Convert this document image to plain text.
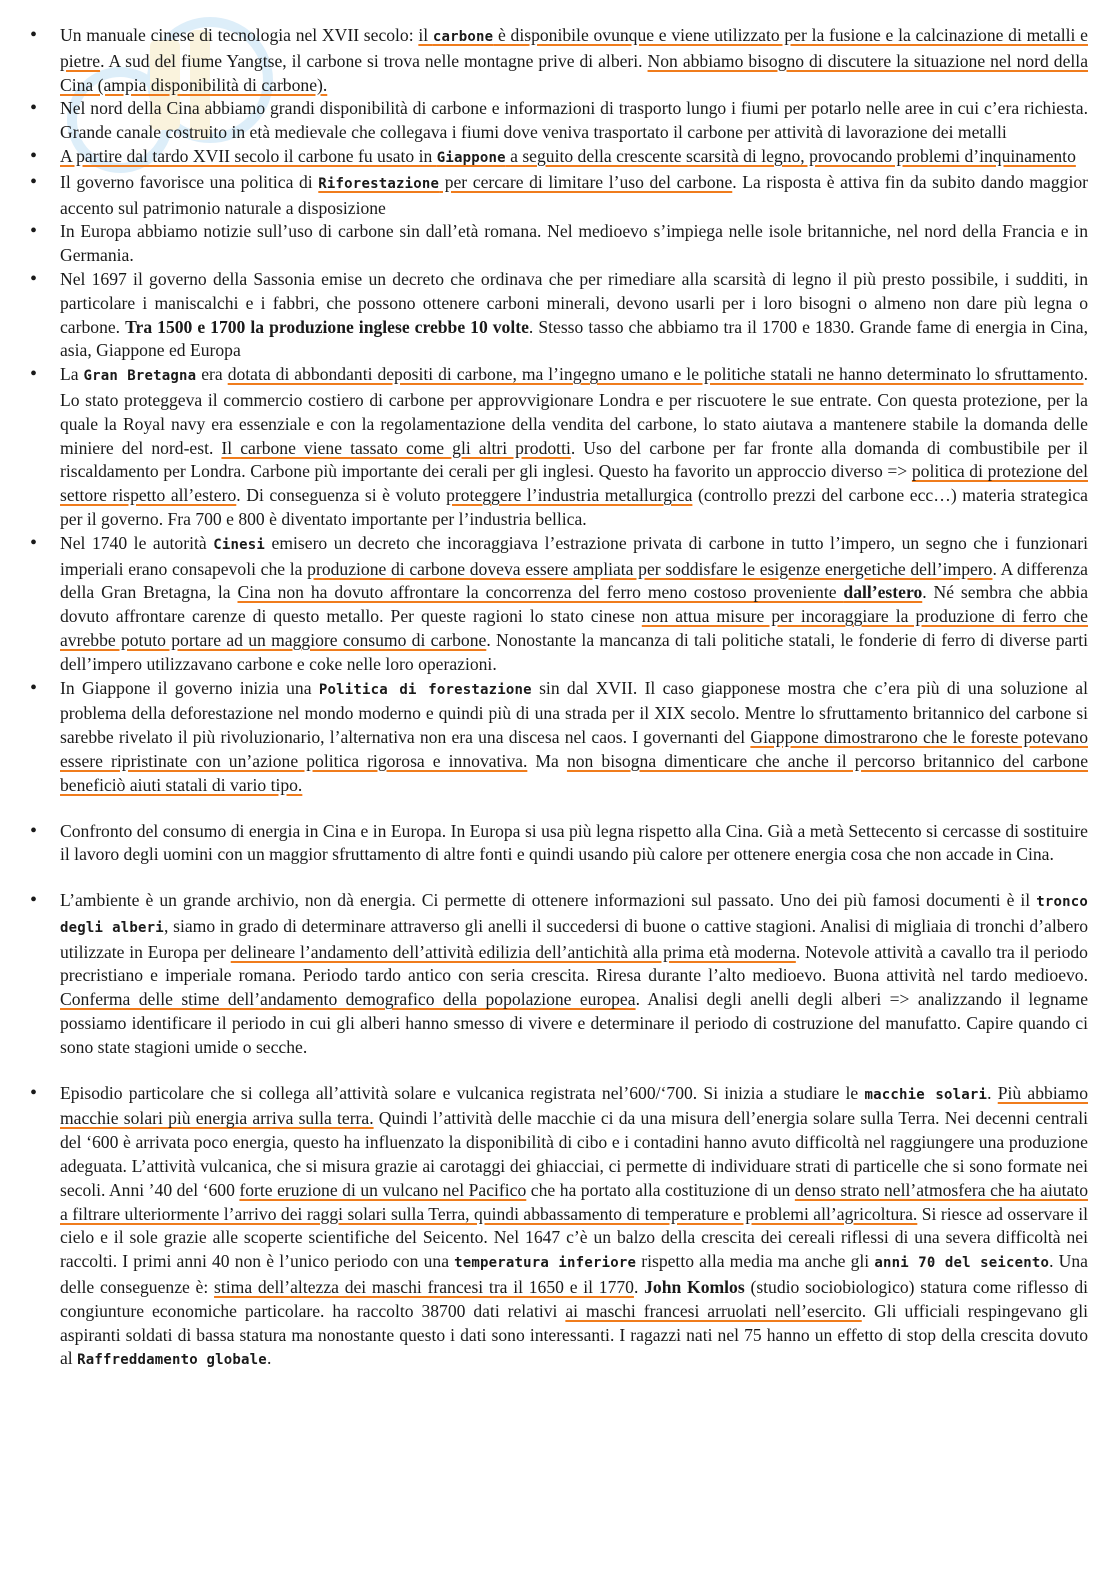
• Un manuale cinese di tecnologia nel XVII secolo: il carbone è disponibile ovunque e viene utilizzato per la fusione e la calcinazione di metalli e pietre. A sud del fiume Yangtse, il carbone si trova nelle montagne prive di alberi. Non abbiamo bisogno di discutere la situazione nel nord della Cina (ampia disponibilità di carbone).
• Nel nord della Cina abbiamo grandi disponibilità di carbone e informazioni di trasporto lungo i fiumi per potarlo nelle aree in cui c’era richiesta. Grande canale costruito in età medievale che collegava i fiumi dove veniva trasportato il carbone per attività di lavorazione dei metalli
• A partire dal tardo XVII secolo il carbone fu usato in Giappone a seguito della crescente scarsità di legno, provocando problemi d’inquinamento
• Il governo favorisce una politica di Riforestazione per cercare di limitare l’uso del carbone. La risposta è attiva fin da subito dando maggior accento sul patrimonio naturale a disposizione
• In Europa abbiamo notizie sull’uso di carbone sin dall’età romana. Nel medioevo s’impiega nelle isole britanniche, nel nord della Francia e in Germania.
• Nel 1697 il governo della Sassonia emise un decreto che ordinava che per rimediare alla scarsità di legno il più presto possibile, i sudditi, in particolare i maniscalchi e i fabbri, che possono ottenere carboni minerali, devono usarli per i loro bisogni o almeno non dare più legna o carbone. Tra 1500 e 1700 la produzione inglese crebbe 10 volte. Stesso tasso che abbiamo tra il 1700 e 1830. Grande fame di energia in Cina, asia, Giappone ed Europa
• La Gran Bretagna era dotata di abbondanti depositi di carbone, ma l’ingegno umano e le politiche statali ne hanno determinato lo sfruttamento. Lo stato proteggeva il commercio costiero di carbone per approvvigionare Londra e per riscuotere le sue entrate. Con questa protezione, per la quale la Royal navy era essenziale e con la regolamentazione della vendita del carbone, lo stato aiutava a mantenere stabile la domanda delle miniere del nord-est. Il carbone viene tassato come gli altri prodotti. Uso del carbone per far fronte alla domanda di combustibile per il riscaldamento per Londra. Carbone più importante dei cerali per gli inglesi. Questo ha favorito un approccio diverso => politica di protezione del settore rispetto all’estero. Di conseguenza si è voluto proteggere l’industria metallurgica (controllo prezzi del carbone ecc…) materia strategica per il governo. Fra 700 e 800 è diventato importante per l’industria bellica.
• Nel 1740 le autorità Cinesi emisero un decreto che incoraggiava l’estrazione privata di carbone in tutto l’impero, un segno che i funzionari imperiali erano consapevoli che la produzione di carbone doveva essere ampliata per soddisfare le esigenze energetiche dell’impero. A differenza della Gran Bretagna, la Cina non ha dovuto affrontare la concorrenza del ferro meno costoso proveniente dall’estero. Né sembra che abbia dovuto affrontare carenze di questo metallo. Per queste ragioni lo stato cinese non attua misure per incoraggiare la produzione di ferro che avrebbe potuto portare ad un maggiore consumo di carbone. Nonostante la mancanza di tali politiche statali, le fonderie di ferro di diverse parti dell’impero utilizzavano carbone e coke nelle loro operazioni.
• In Giappone il governo inizia una Politica di forestazione sin dal XVII. Il caso giapponese mostra che c’era più di una soluzione al problema della deforestazione nel mondo moderno e quindi più di una strada per il XIX secolo. Mentre lo sfruttamento britannico del carbone si sarebbe rivelato il più rivoluzionario, l’alternativa non era una discesa nel caos. I governanti del Giappone dimostrarono che le foreste potevano essere ripristinate con un’azione politica rigorosa e innovativa. Ma non bisogna dimenticare che anche il percorso britannico del carbone beneficiò aiuti statali di vario tipo.
• Confronto del consumo di energia in Cina e in Europa. In Europa si usa più legna rispetto alla Cina. Già a metà Settecento si cercasse di sostituire il lavoro degli uomini con un maggior sfruttamento di altre fonti e quindi usando più calore per ottenere energia cosa che non accade in Cina.
• L’ambiente è un grande archivio, non dà energia. Ci permette di ottenere informazioni sul passato. Uno dei più famosi documenti è il tronco degli alberi, siamo in grado di determinare attraverso gli anelli il succedersi di buone o cattive stagioni. Analisi di migliaia di tronchi d’albero utilizzate in Europa per delineare l’andamento dell’attività edilizia dell’antichità alla prima età moderna. Notevole attività a cavallo tra il periodo precristiano e imperiale romana. Periodo tardo antico con seria crescita. Riresa durante l’alto medioevo. Buona attività nel tardo medioevo. Conferma delle stime dell’andamento demografico della popolazione europea. Analisi degli anelli degli alberi => analizzando il legname possiamo identificare il periodo in cui gli alberi hanno smesso di vivere e determinare il periodo di costruzione del manufatto. Capire quando ci sono state stagioni umide o secche.
• Episodio particolare che si collega all’attività solare e vulcanica registrata nel’600/‘700. Si inizia a studiare le macchie solari. Più abbiamo macchie solari più energia arriva sulla terra. Quindi l’attività delle macchie ci da una misura dell’energia solare sulla Terra. Nei decenni centrali del ‘600 è arrivata poco energia, questo ha influenzato la disponibilità di cibo e i contadini hanno avuto difficoltà nel raggiungere una produzione adeguata. L’attività vulcanica, che si misura grazie ai carotaggi dei ghiacciai, ci permette di individuare strati di particelle che si sono formate nei secoli. Anni ’40 del ‘600 forte eruzione di un vulcano nel Pacifico che ha portato alla costituzione di un denso strato nell’atmosfera che ha aiutato a filtrare ulteriormente l’arrivo dei raggi solari sulla Terra, quindi abbassamento di temperature e problemi all’agricoltura. Si riesce ad osservare il cielo e il sole grazie alle scoperte scientifiche del Seicento. Nel 1647 c’è un balzo della crescita dei cereali riflessi di una severa difficoltà nei raccolti. I primi anni 40 non è l’unico periodo con una temperatura inferiore rispetto alla media ma anche gli anni 70 del seicento. Una delle conseguenze è: stima dell’altezza dei maschi francesi tra il 1650 e il 1770. John Komlos (studio sociobiologico) statura come riflesso di congiunture economiche particolare. ha raccolto 38700 dati relativi ai maschi francesi arruolati nell’esercito. Gli ufficiali respingevano gli aspiranti soldati di bassa statura ma nonostante questo i dati sono interessanti. I ragazzi nati nel 75 hanno un effetto di stop della crescita dovuto al Raffreddamento globale.
